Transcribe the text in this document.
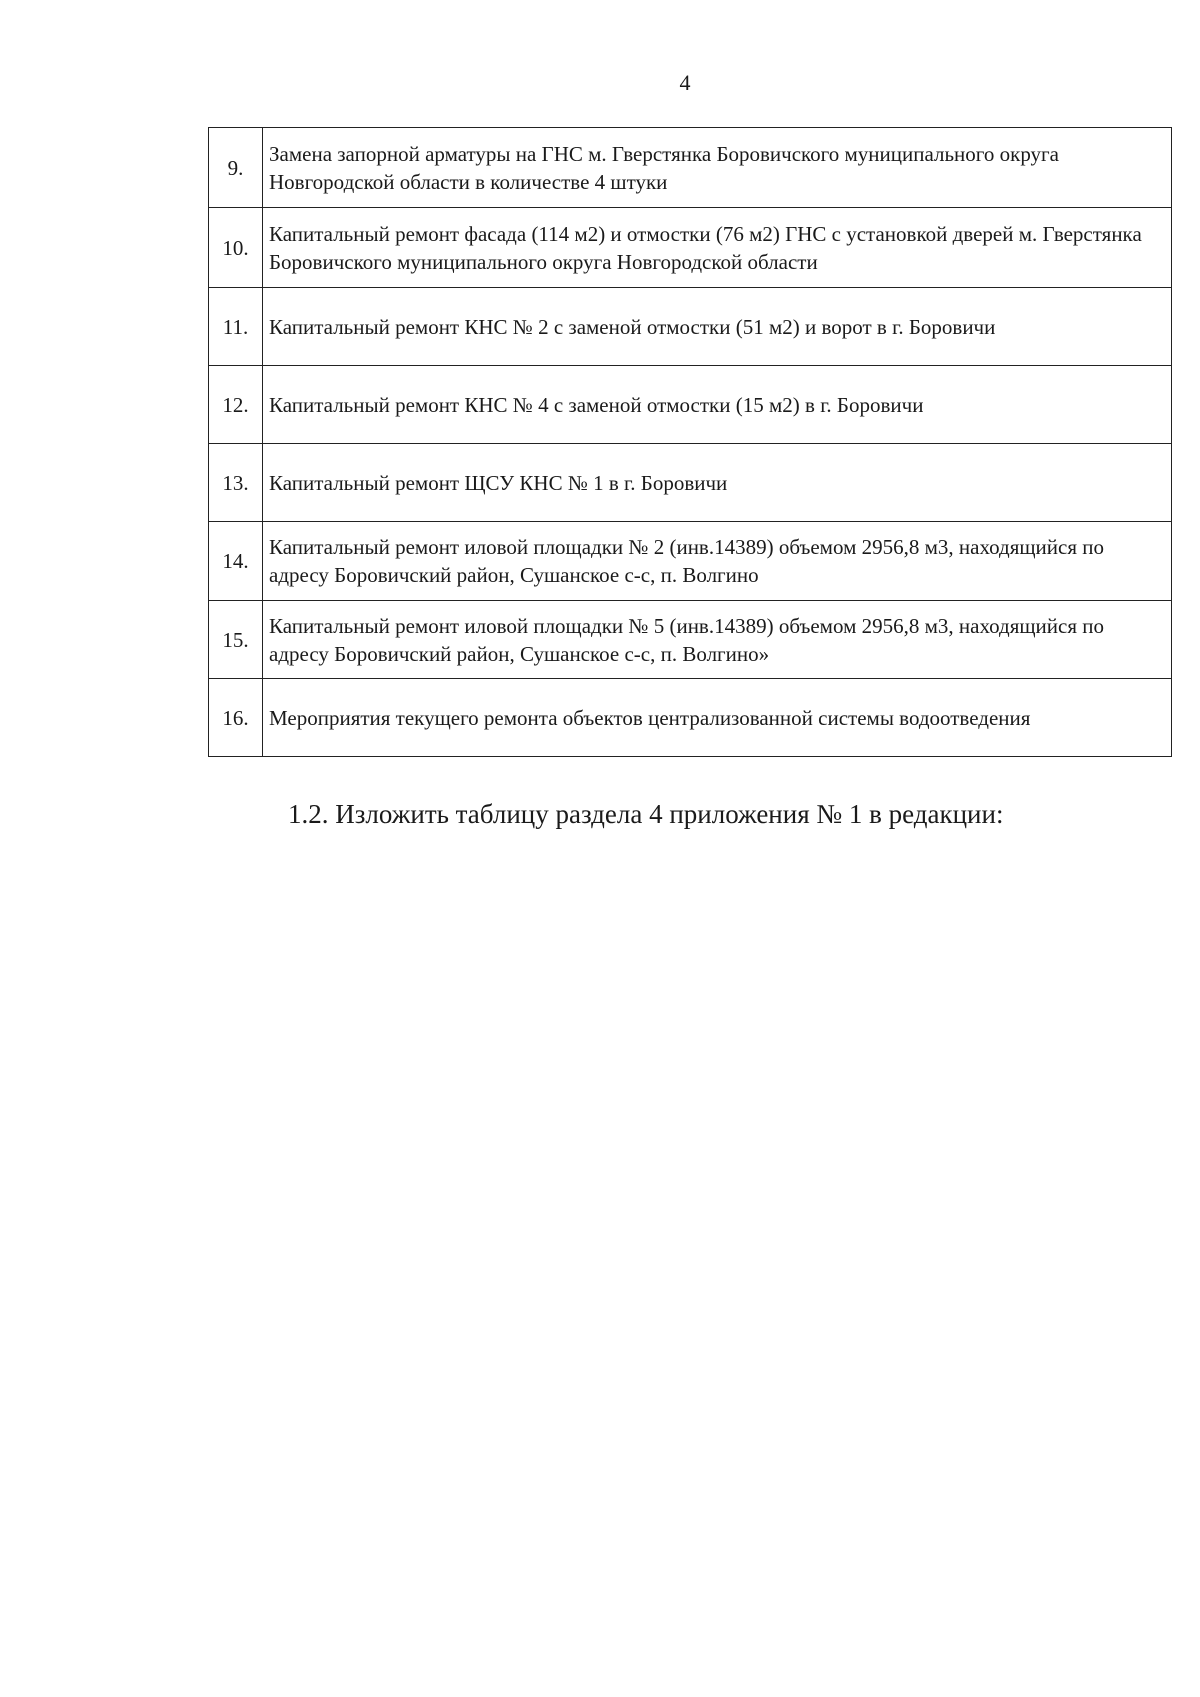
4
9.	Замена запорной арматуры на ГНС м. Гверстянка Боровичского муниципального округа Новгородской области в количестве 4 штуки
10.	Капитальный ремонт фасада (114 м2) и отмостки (76 м2) ГНС с установкой дверей м. Гверстянка Боровичского муниципального округа Новгородской области
11.	Капитальный ремонт КНС № 2 с заменой отмостки (51 м2) и ворот в г. Боровичи
12.	Капитальный ремонт КНС № 4 с заменой отмостки (15 м2) в г. Боровичи
13.	Капитальный ремонт ЩСУ КНС № 1 в г. Боровичи
14.	Капитальный ремонт иловой площадки № 2 (инв.14389) объемом 2956,8 м3, находящийся по адресу Боровичский район, Сушанское с-с, п. Волгино
15.	Капитальный ремонт иловой площадки № 5 (инв.14389) объемом 2956,8 м3, находящийся по адресу Боровичский район, Сушанское с-с, п. Волгино»
16.	Мероприятия текущего ремонта объектов централизованной системы водоотведения
1.2. Изложить таблицу раздела 4 приложения № 1 в редакции:
